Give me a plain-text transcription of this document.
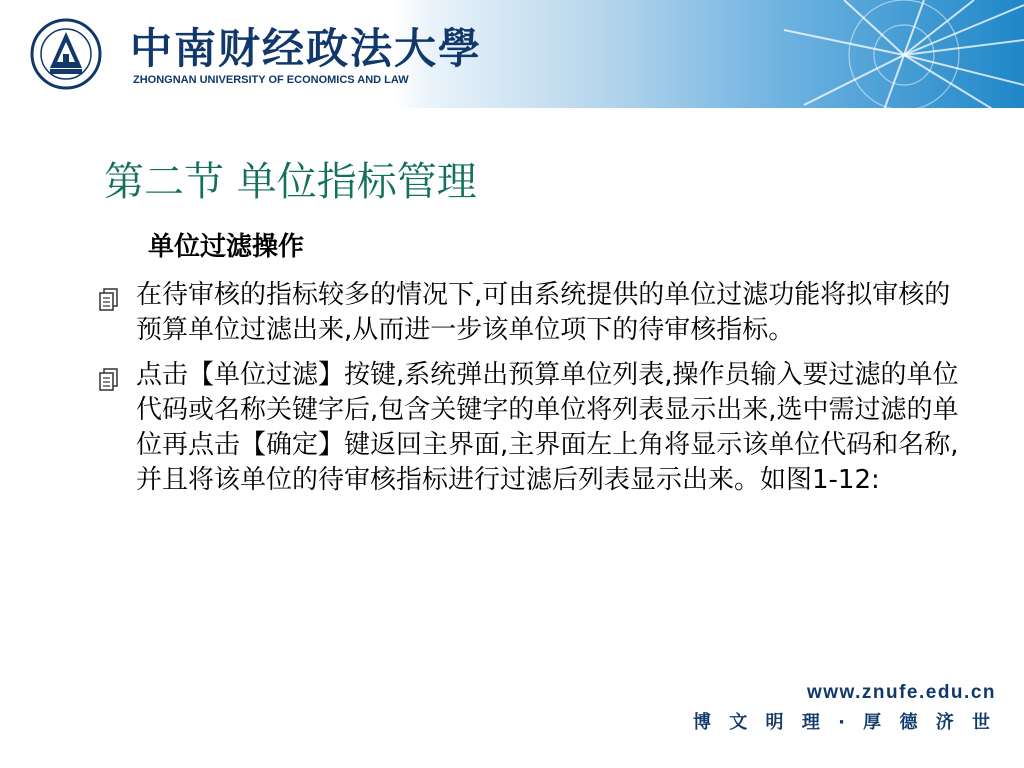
中南财经政法大學
ZHONGNAN UNIVERSITY OF ECONOMICS AND LAW
第二节 单位指标管理
单位过滤操作
在待审核的指标较多的情况下,可由系统提供的单位过滤功能将拟审核的预算单位过滤出来,从而进一步该单位项下的待审核指标。
点击【单位过滤】按键,系统弹出预算单位列表,操作员输入要过滤的单位代码或名称关键字后,包含关键字的单位将列表显示出来,选中需过滤的单位再点击【确定】键返回主界面,主界面左上角将显示该单位代码和名称,并且将该单位的待审核指标进行过滤后列表显示出来。如图1-12:
www.znufe.edu.cn
博 文 明 理 · 厚 德 济 世
